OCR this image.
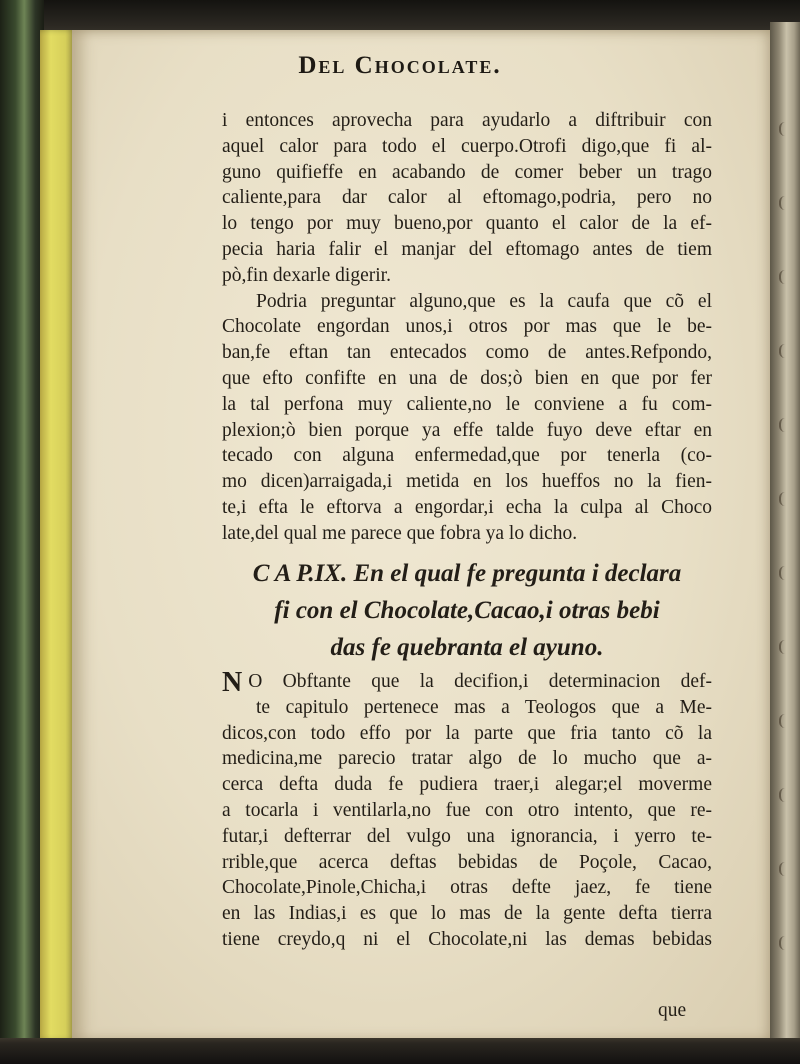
Del Chocolate.
i entonces aprovecha para ayudarlo a diftribuir con
aquel calor para todo el cuerpo.Otrofi digo,que fi al-
guno quifieffe en acabando de comer beber un trago
caliente,para dar calor al eftomago,podria, pero no
lo tengo por muy bueno,por quanto el calor de la ef-
pecia haria falir el manjar del eftomago antes de tiem
pò,fin dexarle digerir.
Podria preguntar alguno,que es la caufa que cõ el
Chocolate engordan unos,i otros por mas que le be-
ban,fe eftan tan entecados como de antes.Refpondo,
que efto confifte en una de dos;ò bien en que por fer
la tal perfona muy caliente,no le conviene a fu com-
plexion;ò bien porque ya effe talde fuyo deve eftar en
tecado con alguna enfermedad,que por tenerla (co-
mo dicen)arraigada,i metida en los hueffos no la fien-
te,i efta le eftorva a engordar,i echa la culpa al Choco
late,del qual me parece que fobra ya lo dicho.
C A P.IX. En el qual fe pregunta i declara
fi con el Chocolate,Cacao,i otras bebi
das fe quebranta el ayuno.
N O Obftante que la decifion,i determinacion def-
te capitulo pertenece mas a Teologos que a Me-
dicos,con todo effo por la parte que fria tanto cõ la
medicina,me parecio tratar algo de lo mucho que a-
cerca defta duda fe pudiera traer,i alegar;el moverme
a tocarla i ventilarla,no fue con otro intento, que re-
futar,i defterrar del vulgo una ignorancia, i yerro te-
rrible,que acerca deftas bebidas de Poçole, Cacao,
Chocolate,Pinole,Chicha,i otras defte jaez, fe tiene
en las Indias,i es que lo mas de la gente defta tierra
tiene creydo,q ni el Chocolate,ni las demas bebidas
que
